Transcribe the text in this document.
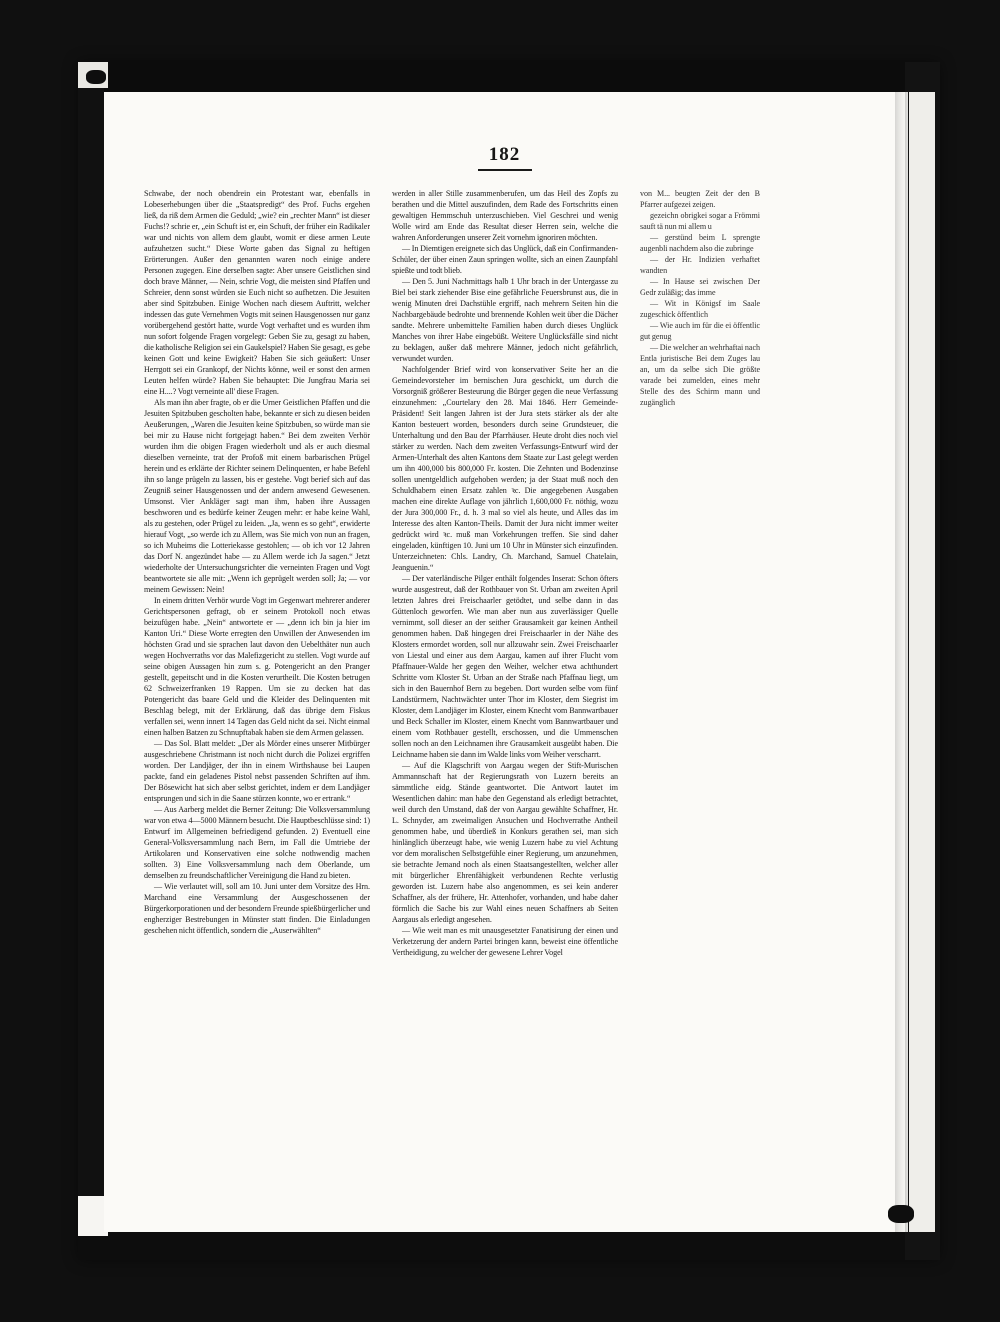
182

Schwabe, der noch obendrein ein Protestant war, ebenfalls in Lobeserhebungen über die „Staatspredigt“ des Prof. Fuchs ergehen ließ, da riß dem Armen die Geduld; „wie? ein „rechter Mann“ ist dieser Fuchs!? schrie er, „ein Schuft ist er, ein Schuft, der früher ein Radikaler war und nichts von allem dem glaubt, womit er diese armen Leute aufzuhetzen sucht.“ Diese Worte gaben das Signal zu heftigen Erörterungen. Außer den genannten waren noch einige andere Personen zugegen. Eine derselben sagte: Aber unsere Geistlichen sind doch brave Männer, — Nein, schrie Vogt, die meisten sind Pfaffen und Schreier, denn sonst würden sie Euch nicht so aufhetzen. Die Jesuiten aber sind Spitzbuben. Einige Wochen nach diesem Auftritt, welcher indessen das gute Vernehmen Vogts mit seinen Hausgenossen nur ganz vorübergehend gestört hatte, wurde Vogt verhaftet und es wurden ihm nun sofort folgende Fragen vorgelegt: Geben Sie zu, gesagt zu haben, die katholische Religion sei ein Gaukelspiel? Haben Sie gesagt, es gebe keinen Gott und keine Ewigkeit? Haben Sie sich geäußert: Unser Herrgott sei ein Grankopf, der Nichts könne, weil er sonst den armen Leuten helfen würde? Haben Sie behauptet: Die Jungfrau Maria sei eine H....? Vogt verneinte all' diese Fragen.

Als man ihn aber fragte, ob er die Urner Geistlichen Pfaffen und die Jesuiten Spitzbuben gescholten habe, bekannte er sich zu diesen beiden Aeußerungen, „Waren die Jesuiten keine Spitzbuben, so würde man sie bei mir zu Hause nicht fortgejagt haben.“ Bei dem zweiten Verhör wurden ihm die obigen Fragen wiederholt und als er auch diesmal dieselben verneinte, trat der Profoß mit einem barbarischen Prügel herein und es erklärte der Richter seinem Delinquenten, er habe Befehl ihn so lange prügeln zu lassen, bis er gestehe. Vogt berief sich auf das Zeugniß seiner Hausgenossen und der andern anwesend Gewesenen. Umsonst. Vier Ankläger sagt man ihm, haben ihre Aussagen beschworen und es bedürfe keiner Zeugen mehr: er habe keine Wahl, als zu gestehen, oder Prügel zu leiden. „Ja, wenn es so geht“, erwiderte hierauf Vogt, „so werde ich zu Allem, was Sie mich von nun an fragen, so ich Muheims die Lotteriekasse gestohlen; — ob ich vor 12 Jahren das Dorf N. angezündet habe — zu Allem werde ich Ja sagen.“ Jetzt wiederholte der Untersuchungsrichter die verneinten Fragen und Vogt beantwortete sie alle mit: „Wenn ich geprügelt werden soll; Ja; — vor meinem Gewissen: Nein!

In einem dritten Verhör wurde Vogt im Gegenwart mehrerer anderer Gerichtspersonen gefragt, ob er seinem Protokoll noch etwas beizufügen habe. „Nein“ antwortete er — „denn ich bin ja hier im Kanton Uri.“ Diese Worte erregten den Unwillen der Anwesenden im höchsten Grad und sie sprachen laut davon den Uebelthäter nun auch wegen Hochverraths vor das Malefizgericht zu stellen. Vogt wurde auf seine obigen Aussagen hin zum s. g. Potengericht an den Pranger gestellt, gepeitscht und in die Kosten verurtheilt. Die Kosten betrugen 62 Schweizerfranken 19 Rappen. Um sie zu decken hat das Potengericht das baare Geld und die Kleider des Delinquenten mit Beschlag belegt, mit der Erklärung, daß das übrige dem Fiskus verfallen sei, wenn innert 14 Tagen das Geld nicht da sei. Nicht einmal einen halben Batzen zu Schnupftabak haben sie dem Armen gelassen.

— Das Sol. Blatt meldet: „Der als Mörder eines unserer Mitbürger ausgeschriebene Christmann ist noch nicht durch die Polizei ergriffen worden. Der Landjäger, der ihn in einem Wirthshause bei Laupen packte, fand ein geladenes Pistol nebst passenden Schriften auf ihm. Der Bösewicht hat sich aber selbst gerichtet, indem er dem Landjäger entsprungen und sich in die Saane stürzen konnte, wo er ertrank.“

— Aus Aarberg meldet die Berner Zeitung: Die Volksversammlung war von etwa 4—5000 Männern besucht. Die Hauptbeschlüsse sind: 1) Entwurf im Allgemeinen befriedigend gefunden. 2) Eventuell eine General-Volksversammlung nach Bern, im Fall die Umtriebe der Artikolaren und Konservativen eine solche nothwendig machen sollten. 3) Eine Volksversammlung nach dem Oberlande, um demselben zu freundschaftlicher Vereinigung die Hand zu bieten.

— Wie verlautet will, soll am 10. Juni unter dem Vorsitze des Hrn. Marchand eine Versammlung der Ausgeschossenen der Bürgerkorporationen und der besondern Freunde spießbürgerlicher und engherziger Bestrebungen in Münster statt finden. Die Einladungen geschehen nicht öffentlich, sondern die „Auserwählten“

werden in aller Stille zusammenberufen, um das Heil des Zopfs zu berathen und die Mittel auszufinden, dem Rade des Fortschritts einen gewaltigen Hemmschuh unterzuschieben. Viel Geschrei und wenig Wolle wird am Ende das Resultat dieser Herren sein, welche die wahren Anforderungen unserer Zeit vornehm ignoriren möchten.

— In Diemtigen ereignete sich das Unglück, daß ein Confirmanden-Schüler, der über einen Zaun springen wollte, sich an einen Zaunpfahl spießte und todt blieb.

— Den 5. Juni Nachmittags halb 1 Uhr brach in der Untergasse zu Biel bei stark ziehender Bise eine gefährliche Feuersbrunst aus, die in wenig Minuten drei Dachstühle ergriff, nach mehrern Seiten hin die Nachbargebäude bedrohte und brennende Kohlen weit über die Dächer sandte. Mehrere unbemittelte Familien haben durch dieses Unglück Manches von ihrer Habe eingebüßt. Weitere Unglücksfälle sind nicht zu beklagen, außer daß mehrere Männer, jedoch nicht gefährlich, verwundet wurden.

Nachfolgender Brief wird von konservativer Seite her an die Gemeindevorsteher im bernischen Jura geschickt, um durch die Vorsorgniß größerer Besteurung die Bürger gegen die neue Verfassung einzunehmen: „Courtelary den 28. Mai 1846. Herr Gemeinde-Präsident! Seit langen Jahren ist der Jura stets stärker als der alte Kanton besteuert worden, besonders durch seine Grundsteuer, die Unterhaltung und den Bau der Pfarrhäuser. Heute droht dies noch viel stärker zu werden. Nach dem zweiten Verfassungs-Entwurf wird der Armen-Unterhalt des alten Kantons dem Staate zur Last gelegt werden um ihn 400,000 bis 800,000 Fr. kosten. Die Zehnten und Bodenzinse sollen unentgeldlich aufgehoben werden; ja der Staat muß noch den Schuldhabern einen Ersatz zahlen ꝛc. Die angegebenen Ausgaben machen eine direkte Auflage von jährlich 1,600,000 Fr. nöthig, wozu der Jura 300,000 Fr., d. h. 3 mal so viel als heute, und Alles das im Interesse des alten Kanton-Theils. Damit der Jura nicht immer weiter gedrückt wird ꝛc. muß man Vorkehrungen treffen. Sie sind daher eingeladen, künftigen 10. Juni um 10 Uhr in Münster sich einzufinden. Unterzeichneten: Chls. Landry, Ch. Marchand, Samuel Chatelain, Jeanguenin.“

— Der vaterländische Pilger enthält folgendes Inserat: Schon öfters wurde ausgestreut, daß der Rothbauer von St. Urban am zweiten April letzten Jahres drei Freischaarler getödtet, und selbe dann in das Güttenloch geworfen. Wie man aber nun aus zuverlässiger Quelle vernimmt, soll dieser an der seither Grausamkeit gar keinen Antheil genommen haben. Daß hingegen drei Freischaarler in der Nähe des Klosters ermordet worden, soll nur allzuwahr sein. Zwei Freischaarler von Liestal und einer aus dem Aargau, kamen auf ihrer Flucht vom Pfaffnauer-Walde her gegen den Weiher, welcher etwa achthundert Schritte vom Kloster St. Urban an der Straße nach Pfaffnau liegt, um sich in den Bauernhof Bern zu begeben. Dort wurden selbe vom fünf Landstürmern, Nachtwächter unter Thor im Kloster, dem Siegrist im Kloster, dem Landjäger im Kloster, einem Knecht vom Bannwartbauer und Beck Schaller im Kloster, einem Knecht vom Bannwartbauer und einem vom Rothbauer gestellt, erschossen, und die Ummenschen sollen noch an den Leichnamen ihre Grausamkeit ausgeübt haben. Die Leichname haben sie dann im Walde links vom Weiher verscharrt.

— Auf die Klagschrift von Aargau wegen der Stift-Murischen Ammannschaft hat der Regierungsrath von Luzern bereits an sämmtliche eidg. Stände geantwortet. Die Antwort lautet im Wesentlichen dahin: man habe den Gegenstand als erledigt betrachtet, weil durch den Umstand, daß der von Aargau gewählte Schaffner, Hr. L. Schnyder, am zweimaligen Ansuchen und Hochverrathe Antheil genommen habe, und überdieß in Konkurs gerathen sei, man sich hinlänglich überzeugt habe, wie wenig Luzern habe zu viel Achtung vor dem moralischen Selbstgefühle einer Regierung, um anzunehmen, sie betrachte Jemand noch als einen Staatsangestellten, welcher aller mit bürgerlicher Ehrenfähigkeit verbundenen Rechte verlustig geworden ist. Luzern habe also angenommen, es sei kein anderer Schaffner, als der frühere, Hr. Attenhofer, vorhanden, und habe daher förmlich die Sache bis zur Wahl eines neuen Schaffners ab Seiten Aargaus als erledigt angesehen.

— Wie weit man es mit unausgesetzter Fanatisirung der einen und Verketzerung der andern Partei bringen kann, beweist eine öffentliche Vertheidigung, zu welcher der gewesene Lehrer Vogel

von M... beugten Zeit der den B Pfarrer aufgezei zeigen.

gezeichn obrigkei sogar a Frömmi sauft tä nun mi allem u

— gerstünd beim L sprengte augenbli nachdem also die zubringe

— der Hr. Indizien verhaftet wandten

— In Hause sei zwischen Der Gedr zuläßig; das imme

— Wit in Königsf im Saale zugeschick öffentlich

— Wie auch im für die ei öffentlic gut genug

— Die welcher an wehrhaftai nach Entla juristische Bei dem Zuges lau an, um da selbe sich Die größte varade bei zumelden, eines mehr Stelle des des Schirm mann und zugänglich
